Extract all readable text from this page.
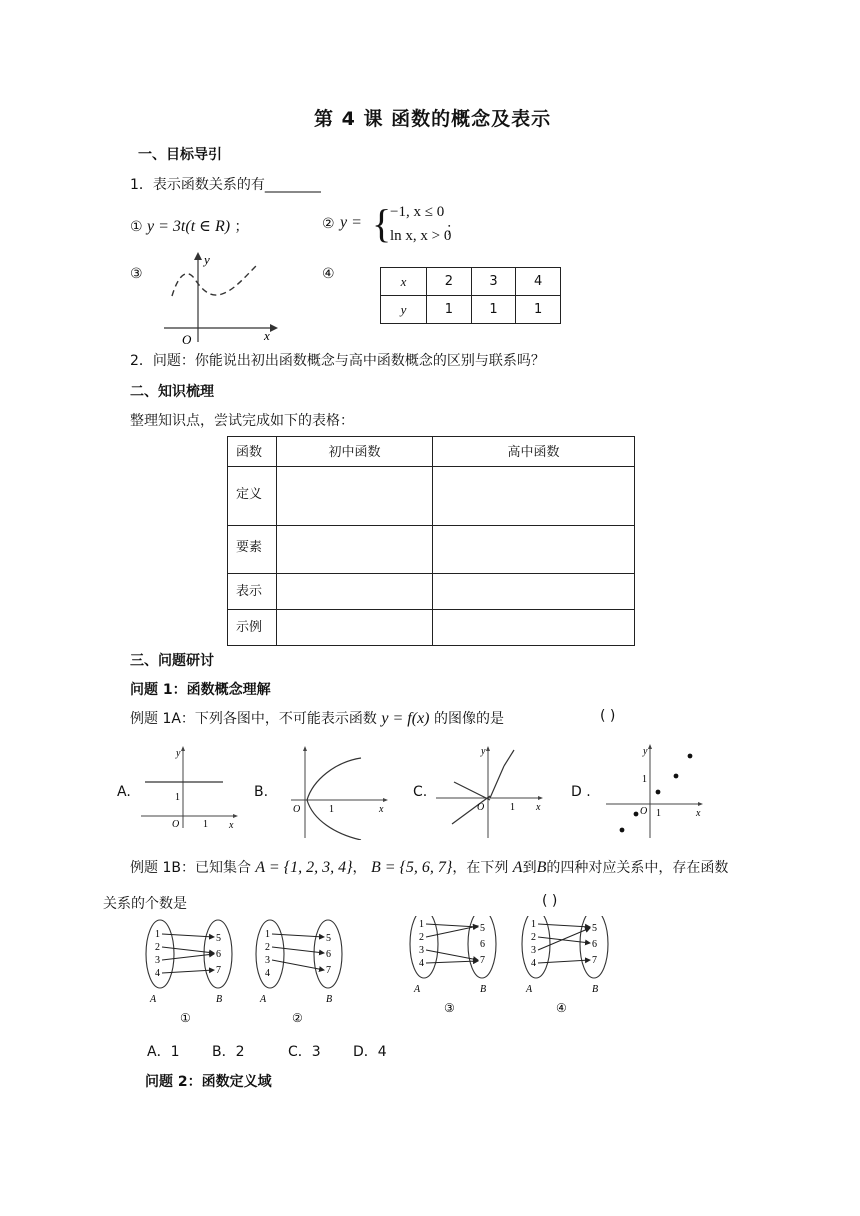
第 4 课 函数的概念及表示
一、目标导引
1．表示函数关系的有________
① y = 3t(t ∈ R) ；	② y = {
−1, x ≤ 0
ln x, x > 0
；
③
y
x
O
④	x	2	3	4
y	1	1	1
2．问题：你能说出初出函数概念与高中函数概念的区别与联系吗？
二、知识梳理
整理知识点，尝试完成如下的表格：
函数	初中函数	高中函数
定义		
要素		
表示		
示例		
三、问题研讨
问题 1：函数概念理解
例题 1A：下列各图中，不可能表示函数 y = f(x) 的图像的是	( )
A.
y
x
O
1
1
B.
x
O	1
C.
y
x
O	1
D .
y
x
O
1
1
例题 1B：已知集合 A = {1, 2, 3, 4}， B = {5, 6, 7}，在下列 A到B的四种对应关系中，存在函数
关系的个数是	( )
①	②
③	④
A．1 B．2	C．3 D．4
问题 2：函数定义域
